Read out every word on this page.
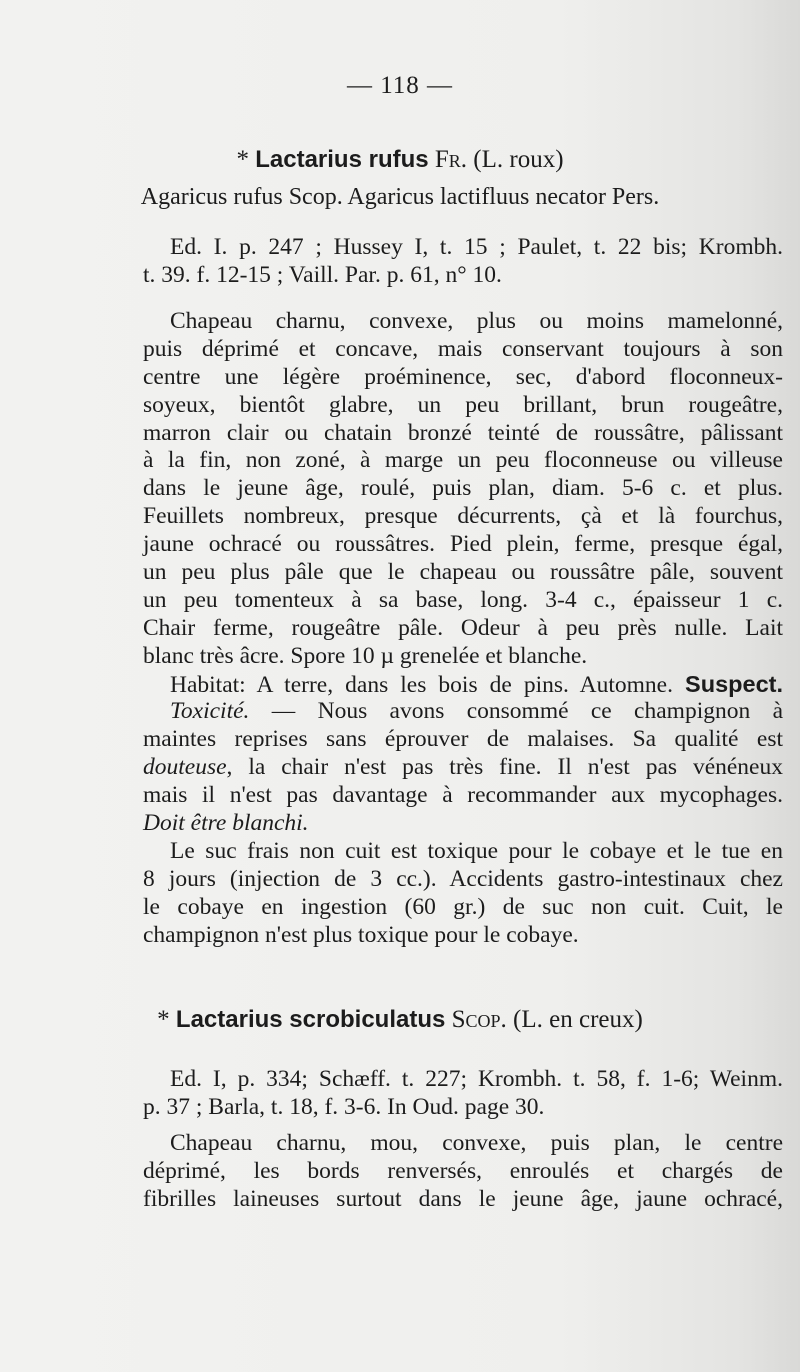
— 118 —
* Lactarius rufus Fr. (L. roux)
Agaricus rufus Scop. Agaricus lactifluus necator Pers.
Ed. I. p. 247 ; Hussey I, t. 15 ; Paulet, t. 22 bis; Krombh.
t. 39. f. 12-15 ; Vaill. Par. p. 61, n° 10.
Chapeau charnu, convexe, plus ou moins mamelonné,
puis déprimé et concave, mais conservant toujours à son
centre une légère proéminence, sec, d'abord floconneux-
soyeux, bientôt glabre, un peu brillant, brun rougeâtre,
marron clair ou chatain bronzé teinté de roussâtre, pâlissant
à la fin, non zoné, à marge un peu floconneuse ou villeuse
dans le jeune âge, roulé, puis plan, diam. 5-6 c. et plus.
Feuillets nombreux, presque décurrents, çà et là fourchus,
jaune ochracé ou roussâtres. Pied plein, ferme, presque égal,
un peu plus pâle que le chapeau ou roussâtre pâle, souvent
un peu tomenteux à sa base, long. 3-4 c., épaisseur 1 c.
Chair ferme, rougeâtre pâle. Odeur à peu près nulle. Lait
blanc très âcre. Spore 10 µ grenelée et blanche.
Habitat: A terre, dans les bois de pins. Automne. Suspect.
Toxicité. — Nous avons consommé ce champignon à
maintes reprises sans éprouver de malaises. Sa qualité est
douteuse, la chair n'est pas très fine. Il n'est pas vénéneux
mais il n'est pas davantage à recommander aux mycophages.
Doit être blanchi.
Le suc frais non cuit est toxique pour le cobaye et le tue en
8 jours (injection de 3 cc.). Accidents gastro-intestinaux chez
le cobaye en ingestion (60 gr.) de suc non cuit. Cuit, le
champignon n'est plus toxique pour le cobaye.
* Lactarius scrobiculatus Scop. (L. en creux)
Ed. I, p. 334; Schæff. t. 227; Krombh. t. 58, f. 1-6; Weinm.
p. 37 ; Barla, t. 18, f. 3-6. In Oud. page 30.
Chapeau charnu, mou, convexe, puis plan, le centre
déprimé, les bords renversés, enroulés et chargés de
fibrilles laineuses surtout dans le jeune âge, jaune ochracé,
